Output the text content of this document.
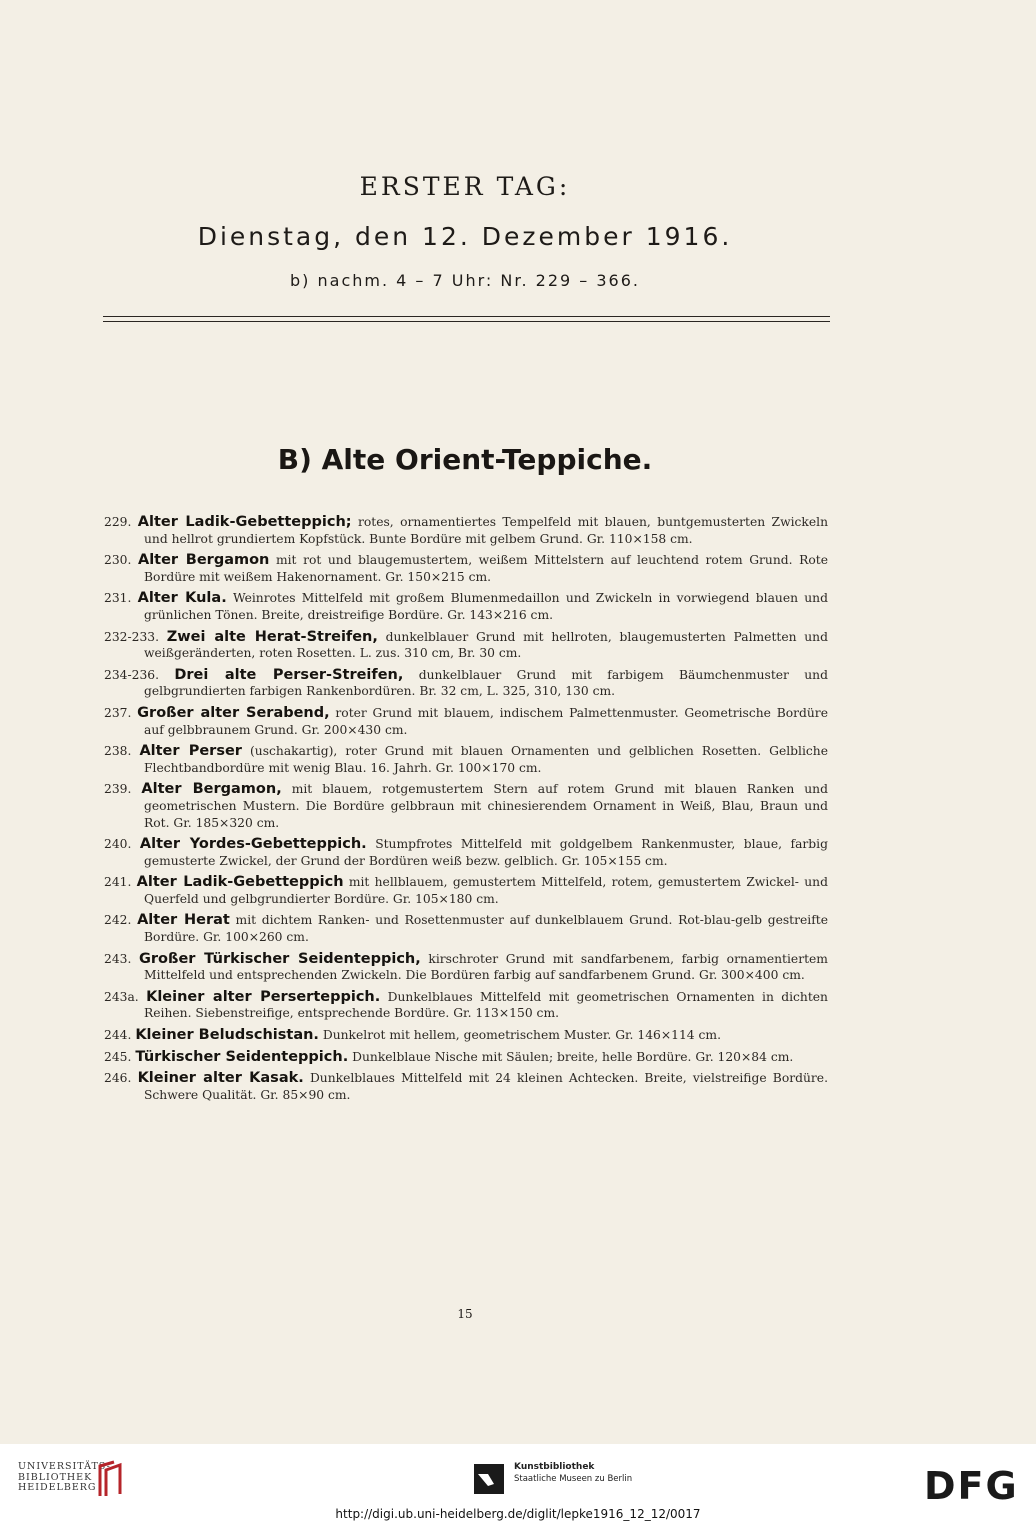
ERSTER TAG:
Dienstag, den 12. Dezember 1916.
b) nachm. 4 – 7 Uhr: Nr. 229 – 366.
B) Alte Orient-Teppiche.
229. Alter Ladik-Gebetteppich; rotes, ornamentiertes Tempelfeld mit blauen, buntgemusterten Zwickeln und hellrot grundiertem Kopfstück. Bunte Bordüre mit gelbem Grund. Gr. 110×158 cm.
230. Alter Bergamon mit rot und blaugemustertem, weißem Mittelstern auf leuchtend rotem Grund. Rote Bordüre mit weißem Hakenornament. Gr. 150×215 cm.
231. Alter Kula. Weinrotes Mittelfeld mit großem Blumenmedaillon und Zwickeln in vorwiegend blauen und grünlichen Tönen. Breite, dreistreifige Bordüre. Gr. 143×216 cm.
232-233. Zwei alte Herat-Streifen, dunkelblauer Grund mit hellroten, blaugemusterten Palmetten und weißgeränderten, roten Rosetten. L. zus. 310 cm, Br. 30 cm.
234-236. Drei alte Perser-Streifen, dunkelblauer Grund mit farbigem Bäumchenmuster und gelbgrundierten farbigen Rankenbordüren. Br. 32 cm, L. 325, 310, 130 cm.
237. Großer alter Serabend, roter Grund mit blauem, indischem Palmettenmuster. Geometrische Bordüre auf gelbbraunem Grund. Gr. 200×430 cm.
238. Alter Perser (uschakartig), roter Grund mit blauen Ornamenten und gelblichen Rosetten. Gelbliche Flechtbandbordüre mit wenig Blau. 16. Jahrh. Gr. 100×170 cm.
239. Alter Bergamon, mit blauem, rotgemustertem Stern auf rotem Grund mit blauen Ranken und geometrischen Mustern. Die Bordüre gelbbraun mit chinesierendem Ornament in Weiß, Blau, Braun und Rot. Gr. 185×320 cm.
240. Alter Yordes-Gebetteppich. Stumpfrotes Mittelfeld mit goldgelbem Rankenmuster, blaue, farbig gemusterte Zwickel, der Grund der Bordüren weiß bezw. gelblich. Gr. 105×155 cm.
241. Alter Ladik-Gebetteppich mit hellblauem, gemustertem Mittelfeld, rotem, gemustertem Zwickel- und Querfeld und gelbgrundierter Bordüre. Gr. 105×180 cm.
242. Alter Herat mit dichtem Ranken- und Rosettenmuster auf dunkelblauem Grund. Rot-blau-gelb gestreifte Bordüre. Gr. 100×260 cm.
243. Großer Türkischer Seidenteppich, kirschroter Grund mit sandfarbenem, farbig ornamentiertem Mittelfeld und entsprechenden Zwickeln. Die Bordüren farbig auf sandfarbenem Grund. Gr. 300×400 cm.
243a. Kleiner alter Perserteppich. Dunkelblaues Mittelfeld mit geometrischen Ornamenten in dichten Reihen. Siebenstreifige, entsprechende Bordüre. Gr. 113×150 cm.
244. Kleiner Beludschistan. Dunkelrot mit hellem, geometrischem Muster. Gr. 146×114 cm.
245. Türkischer Seidenteppich. Dunkelblaue Nische mit Säulen; breite, helle Bordüre. Gr. 120×84 cm.
246. Kleiner alter Kasak. Dunkelblaues Mittelfeld mit 24 kleinen Achtecken. Breite, vielstreifige Bordüre. Schwere Qualität. Gr. 85×90 cm.
15
UNIVERSITÄTS-
BIBLIOTHEK
HEIDELBERG
Kunstbibliothek
Staatliche Museen zu Berlin	DFG
http://digi.ub.uni-heidelberg.de/diglit/lepke1916_12_12/0017
